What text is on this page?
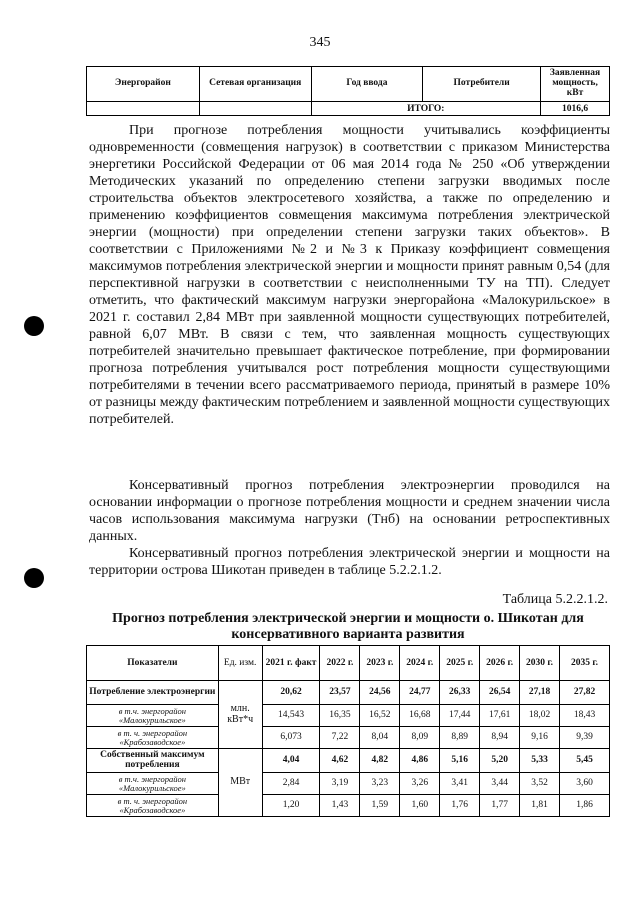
345
Энергорайон	Сетевая организация	Год ввода	Потребители	Заявленная мощность, кВт
		ИТОГО:		1016,6

При прогнозе потребления мощности учитывались коэффициенты одновременности (совмещения нагрузок) в соответствии с приказом Министерства энергетики Российской Федерации от 06 мая 2014 года № 250 «Об утверждении Методических указаний по определению степени загрузки вводимых после строительства объектов электросетевого хозяйства, а также по определению и применению коэффициентов совмещения максимума потребления электрической энергии (мощности) при определении степени загрузки таких объектов». В соответствии с Приложениями №2 и №3 к Приказу коэффициент совмещения максимумов потребления электрической энергии и мощности принят равным 0,54 (для перспективной нагрузки в соответствии с неисполненными ТУ на ТП). Следует отметить, что фактический максимум нагрузки энергорайона «Малокурильское» в 2021 г. составил 2,84 МВт при заявленной мощности существующих потребителей, равной 6,07 МВт. В связи с тем, что заявленная мощность существующих потребителей значительно превышает фактическое потребление, при формировании прогноза потребления учитывался рост потребления мощности существующими потребителями в течении всего рассматриваемого периода, принятый в размере 10% от разницы между фактическим потреблением и заявленной мощности существующих потребителей.

Консервативный прогноз потребления электроэнергии проводился на основании информации о прогнозе потребления мощности и среднем значении числа часов использования максимума нагрузки (Тнб) на основании ретроспективных данных.

Консервативный прогноз потребления электрической энергии и мощности на территории острова Шикотан приведен в таблице 5.2.2.1.2.

Таблица 5.2.2.1.2.
Прогноз потребления электрической энергии и мощности о. Шикотан для консервативного варианта развития
Показатели	Ед. изм.	2021 г. факт	2022 г.	2023 г.	2024 г.	2025 г.	2026 г.	2030 г.	2035 г.
Потребление электроэнергии	млн. кВт*ч	20,62	23,57	24,56	24,77	26,33	26,54	27,18	27,82
в т.ч. энергорайон «Малокурильское»		14,543	16,35	16,52	16,68	17,44	17,61	18,02	18,43
в т. ч. энергорайон «Крабозаводское»		6,073	7,22	8,04	8,09	8,89	8,94	9,16	9,39
Собственный максимум потребления	МВт	4,04	4,62	4,82	4,86	5,16	5,20	5,33	5,45
в т.ч. энергорайон «Малокурильское»		2,84	3,19	3,23	3,26	3,41	3,44	3,52	3,60
в т. ч. энергорайон «Крабозаводское»		1,20	1,43	1,59	1,60	1,76	1,77	1,81	1,86
